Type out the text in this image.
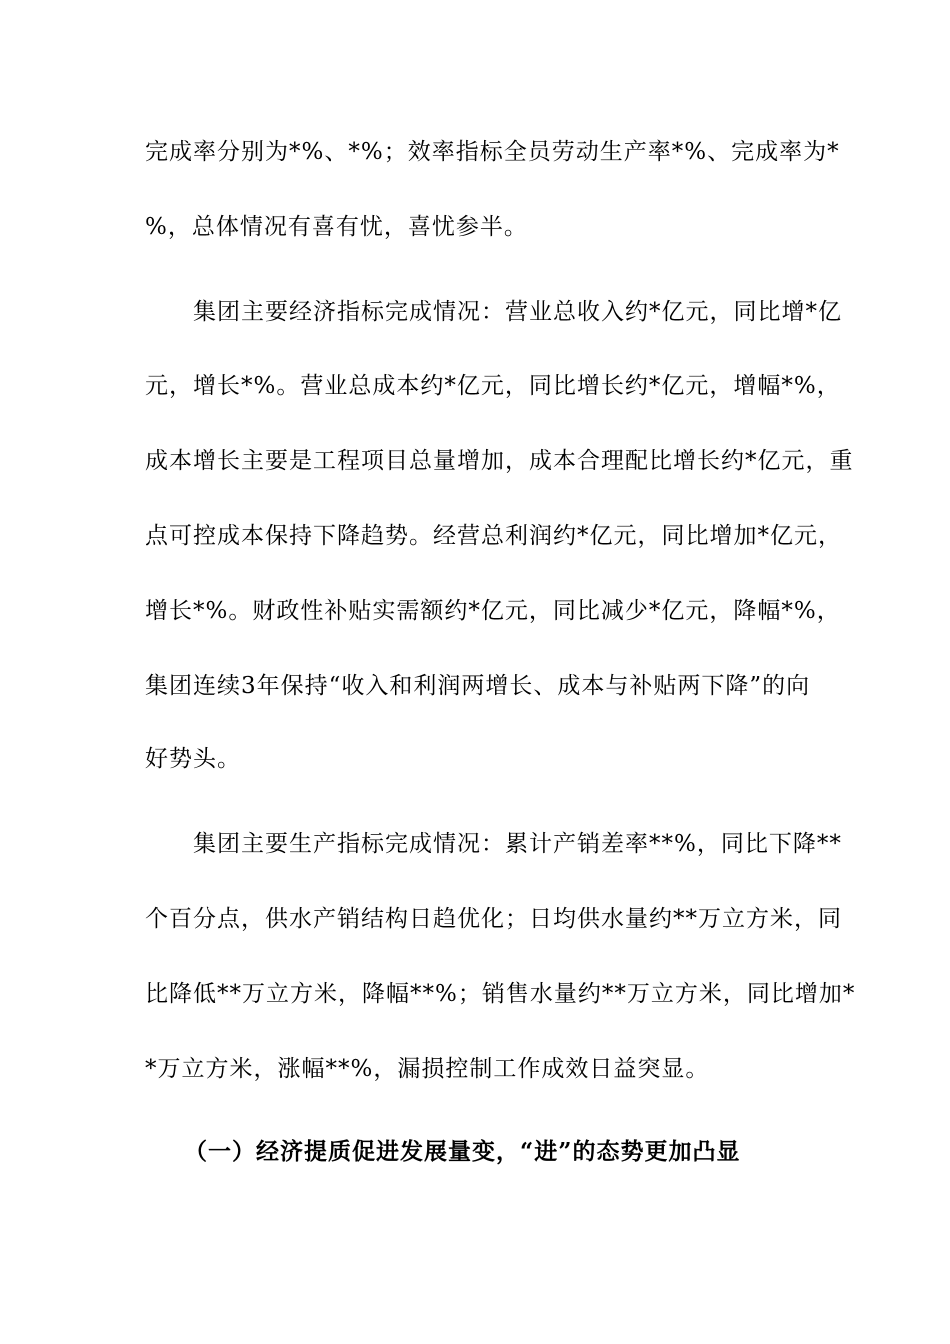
完成率分别为*%、*%；效率指标全员劳动生产率*%、完成率为*
%，总体情况有喜有忧，喜忧参半。
　　集团主要经济指标完成情况：营业总收入约*亿元，同比增*亿
元，增长*%。营业总成本约*亿元，同比增长约*亿元，增幅*%，
成本增长主要是工程项目总量增加，成本合理配比增长约*亿元，重
点可控成本保持下降趋势。经营总利润约*亿元，同比增加*亿元，
增长*%。财政性补贴实需额约*亿元，同比减少*亿元，降幅*%，
集团连续3年保持“收入和利润两增长、成本与补贴两下降”的向
好势头。
　　集团主要生产指标完成情况：累计产销差率**%，同比下降**
个百分点，供水产销结构日趋优化；日均供水量约**万立方米，同
比降低**万立方米，降幅**%；销售水量约**万立方米，同比增加*
*万立方米，涨幅**%，漏损控制工作成效日益突显。
（一）经济提质促进发展量变，“进”的态势更加凸显
